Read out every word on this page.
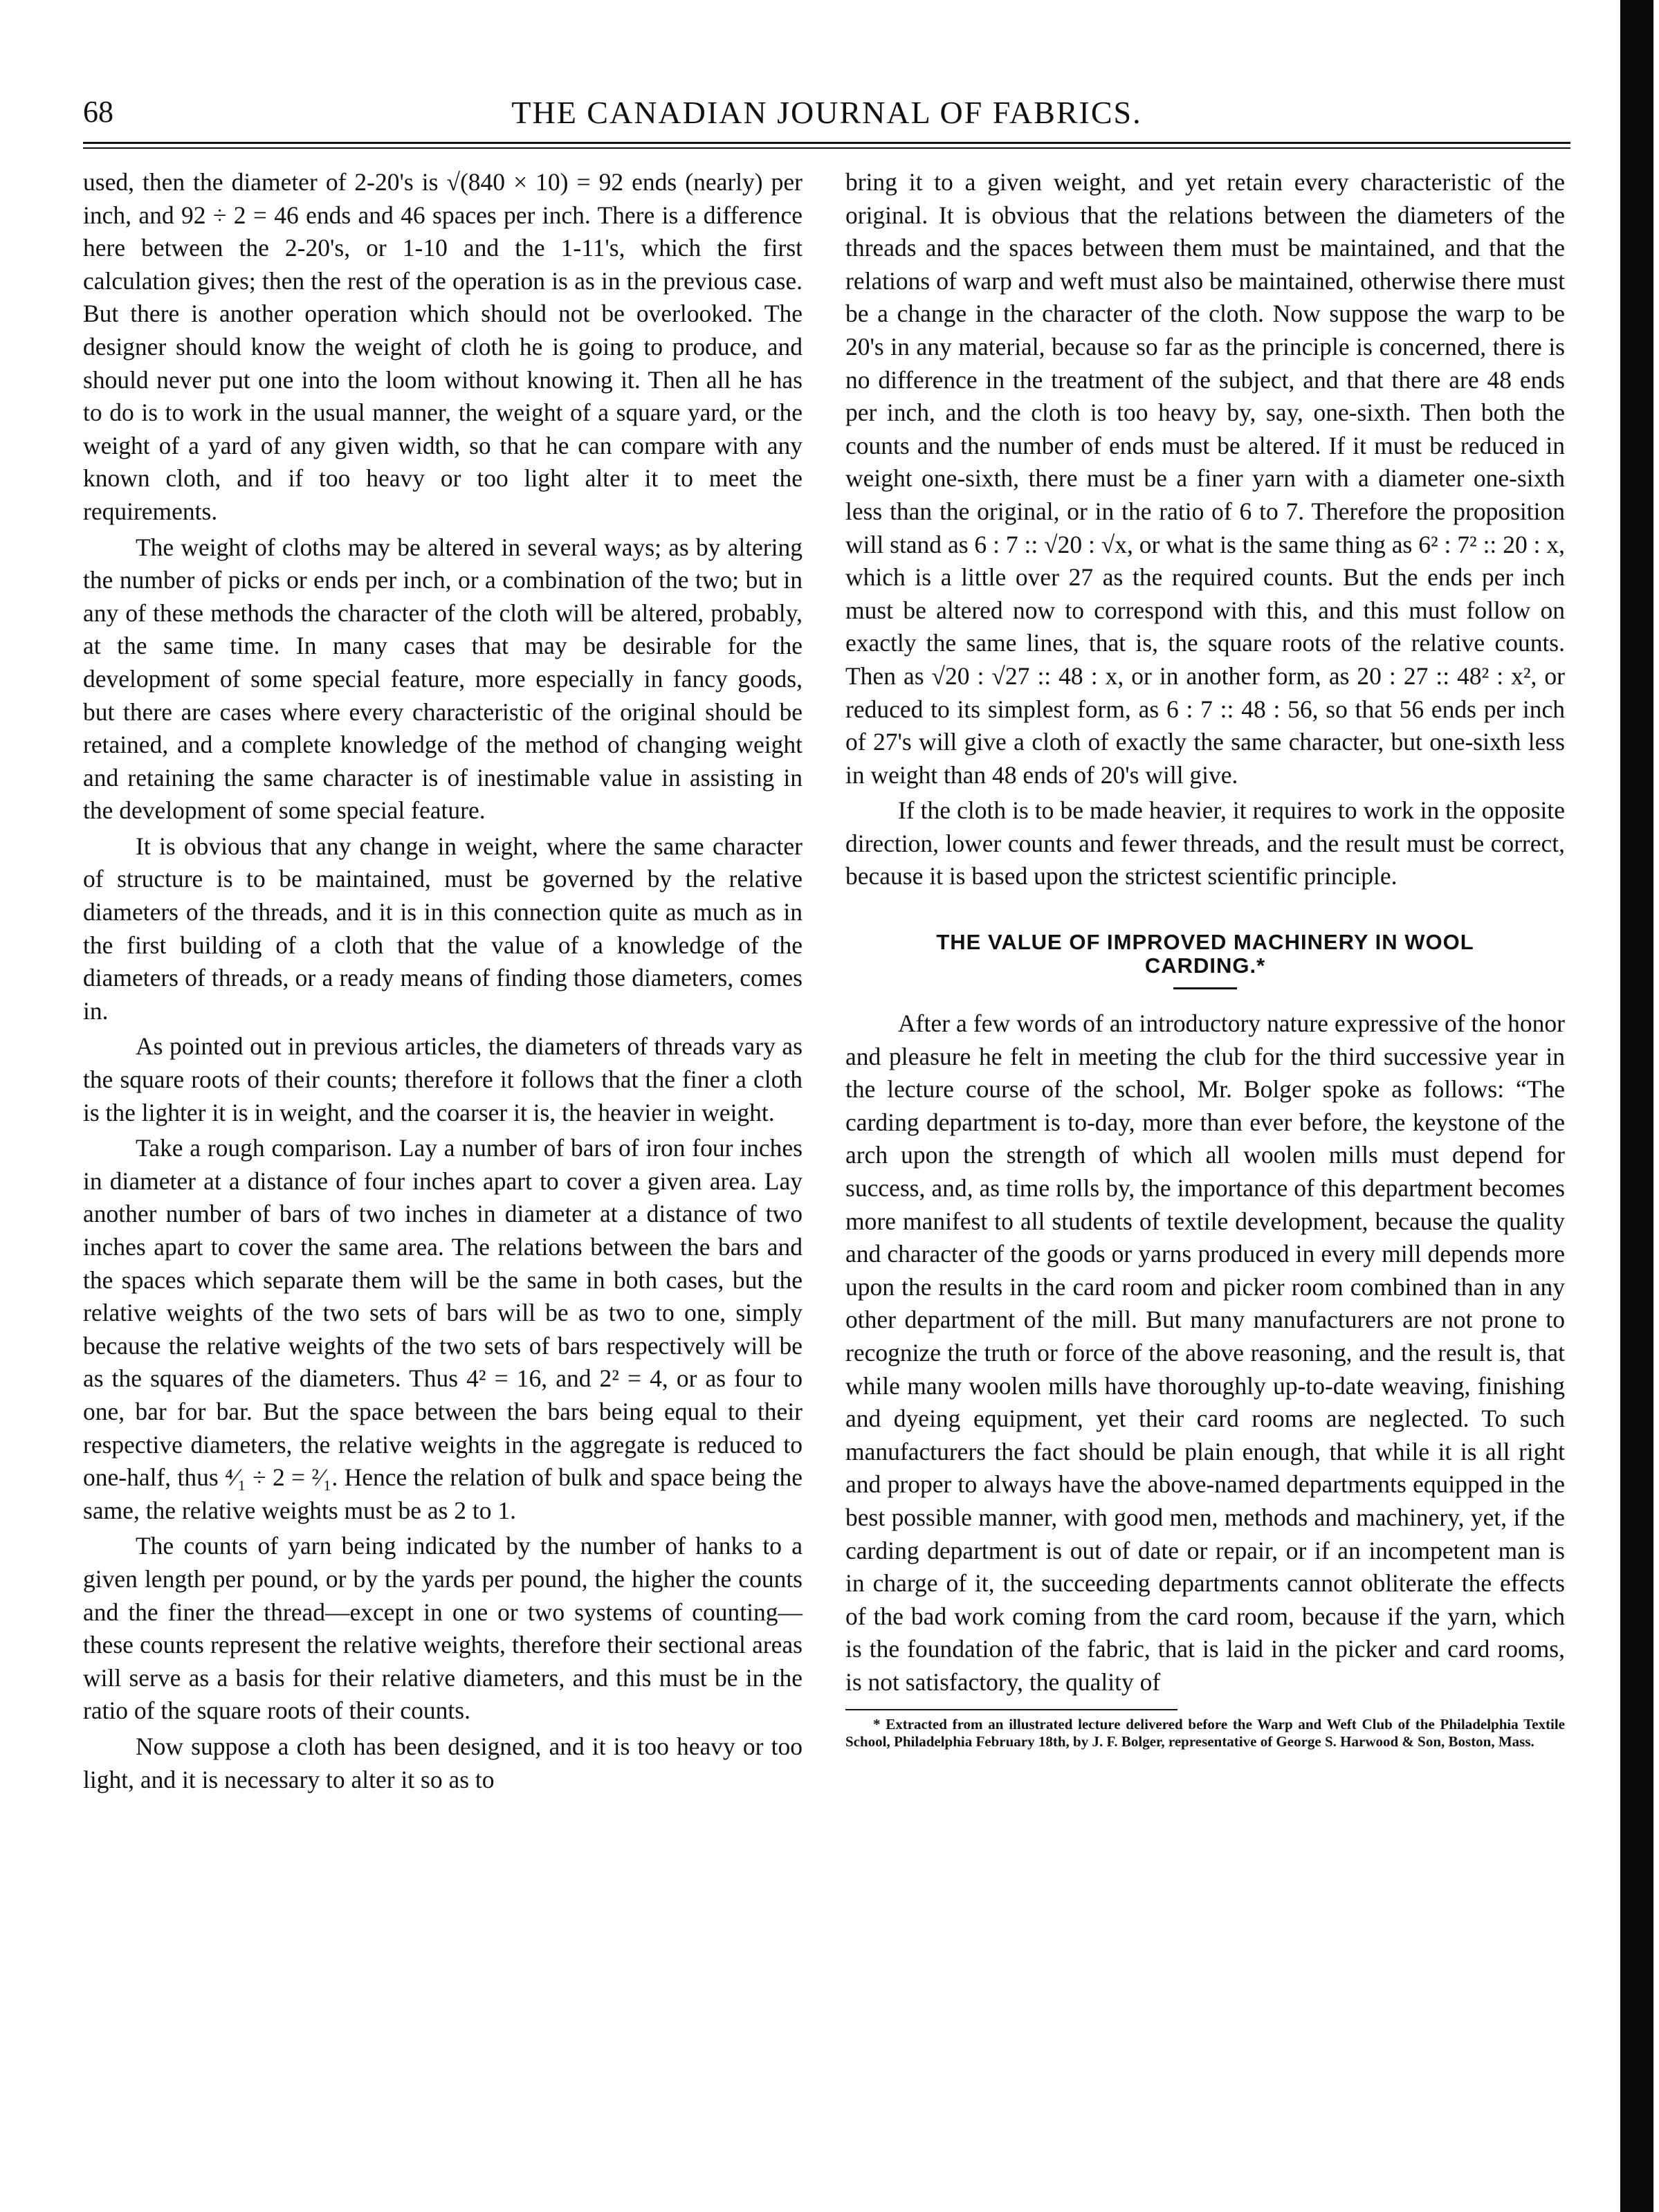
68	THE CANADIAN JOURNAL OF FABRICS.

used, then the diameter of 2-20's is √(840 × 10) = 92 ends (nearly) per inch, and 92 ÷ 2 = 46 ends and 46 spaces per inch. There is a difference here between the 2-20's, or 1-10 and the 1-11's, which the first calculation gives; then the rest of the operation is as in the previous case. But there is another operation which should not be overlooked. The designer should know the weight of cloth he is going to produce, and should never put one into the loom without knowing it. Then all he has to do is to work in the usual manner, the weight of a square yard, or the weight of a yard of any given width, so that he can compare with any known cloth, and if too heavy or too light alter it to meet the requirements.

The weight of cloths may be altered in several ways; as by altering the number of picks or ends per inch, or a combination of the two; but in any of these methods the character of the cloth will be altered, probably, at the same time. In many cases that may be desirable for the development of some special feature, more especially in fancy goods, but there are cases where every characteristic of the original should be retained, and a complete knowledge of the method of changing weight and retaining the same character is of inestimable value in assisting in the development of some special feature.

It is obvious that any change in weight, where the same character of structure is to be maintained, must be governed by the relative diameters of the threads, and it is in this connection quite as much as in the first building of a cloth that the value of a knowledge of the diameters of threads, or a ready means of finding those diameters, comes in.

As pointed out in previous articles, the diameters of threads vary as the square roots of their counts; therefore it follows that the finer a cloth is the lighter it is in weight, and the coarser it is, the heavier in weight.

Take a rough comparison. Lay a number of bars of iron four inches in diameter at a distance of four inches apart to cover a given area. Lay another number of bars of two inches in diameter at a distance of two inches apart to cover the same area. The relations between the bars and the spaces which separate them will be the same in both cases, but the relative weights of the two sets of bars will be as two to one, simply because the relative weights of the two sets of bars respectively will be as the squares of the diameters. Thus 4² = 16, and 2² = 4, or as four to one, bar for bar. But the space between the bars being equal to their respective diameters, the relative weights in the aggregate is reduced to one-half, thus ⁴⁄₁ ÷ 2 = ²⁄₁. Hence the relation of bulk and space being the same, the relative weights must be as 2 to 1.

The counts of yarn being indicated by the number of hanks to a given length per pound, or by the yards per pound, the higher the counts and the finer the thread—except in one or two systems of counting—these counts represent the relative weights, therefore their sectional areas will serve as a basis for their relative diameters, and this must be in the ratio of the square roots of their counts.

Now suppose a cloth has been designed, and it is too heavy or too light, and it is necessary to alter it so as to

bring it to a given weight, and yet retain every characteristic of the original. It is obvious that the relations between the diameters of the threads and the spaces between them must be maintained, and that the relations of warp and weft must also be maintained, otherwise there must be a change in the character of the cloth. Now suppose the warp to be 20's in any material, because so far as the principle is concerned, there is no difference in the treatment of the subject, and that there are 48 ends per inch, and the cloth is too heavy by, say, one-sixth. Then both the counts and the number of ends must be altered. If it must be reduced in weight one-sixth, there must be a finer yarn with a diameter one-sixth less than the original, or in the ratio of 6 to 7. Therefore the proposition will stand as 6 : 7 :: √20 : √x, or what is the same thing as 6² : 7² :: 20 : x, which is a little over 27 as the required counts. But the ends per inch must be altered now to correspond with this, and this must follow on exactly the same lines, that is, the square roots of the relative counts. Then as √20 : √27 :: 48 : x, or in another form, as 20 : 27 :: 48² : x², or reduced to its simplest form, as 6 : 7 :: 48 : 56, so that 56 ends per inch of 27's will give a cloth of exactly the same character, but one-sixth less in weight than 48 ends of 20's will give.

If the cloth is to be made heavier, it requires to work in the opposite direction, lower counts and fewer threads, and the result must be correct, because it is based upon the strictest scientific principle.

THE VALUE OF IMPROVED MACHINERY IN WOOL CARDING.*

After a few words of an introductory nature expressive of the honor and pleasure he felt in meeting the club for the third successive year in the lecture course of the school, Mr. Bolger spoke as follows: “The carding department is to-day, more than ever before, the keystone of the arch upon the strength of which all woolen mills must depend for success, and, as time rolls by, the importance of this department becomes more manifest to all students of textile development, because the quality and character of the goods or yarns produced in every mill depends more upon the results in the card room and picker room combined than in any other department of the mill. But many manufacturers are not prone to recognize the truth or force of the above reasoning, and the result is, that while many woolen mills have thoroughly up-to-date weaving, finishing and dyeing equipment, yet their card rooms are neglected. To such manufacturers the fact should be plain enough, that while it is all right and proper to always have the above-named departments equipped in the best possible manner, with good men, methods and machinery, yet, if the carding department is out of date or repair, or if an incompetent man is in charge of it, the succeeding departments cannot obliterate the effects of the bad work coming from the card room, because if the yarn, which is the foundation of the fabric, that is laid in the picker and card rooms, is not satisfactory, the quality of

* Extracted from an illustrated lecture delivered before the Warp and Weft Club of the Philadelphia Textile School, Philadelphia February 18th, by J. F. Bolger, representative of George S. Harwood & Son, Boston, Mass.
